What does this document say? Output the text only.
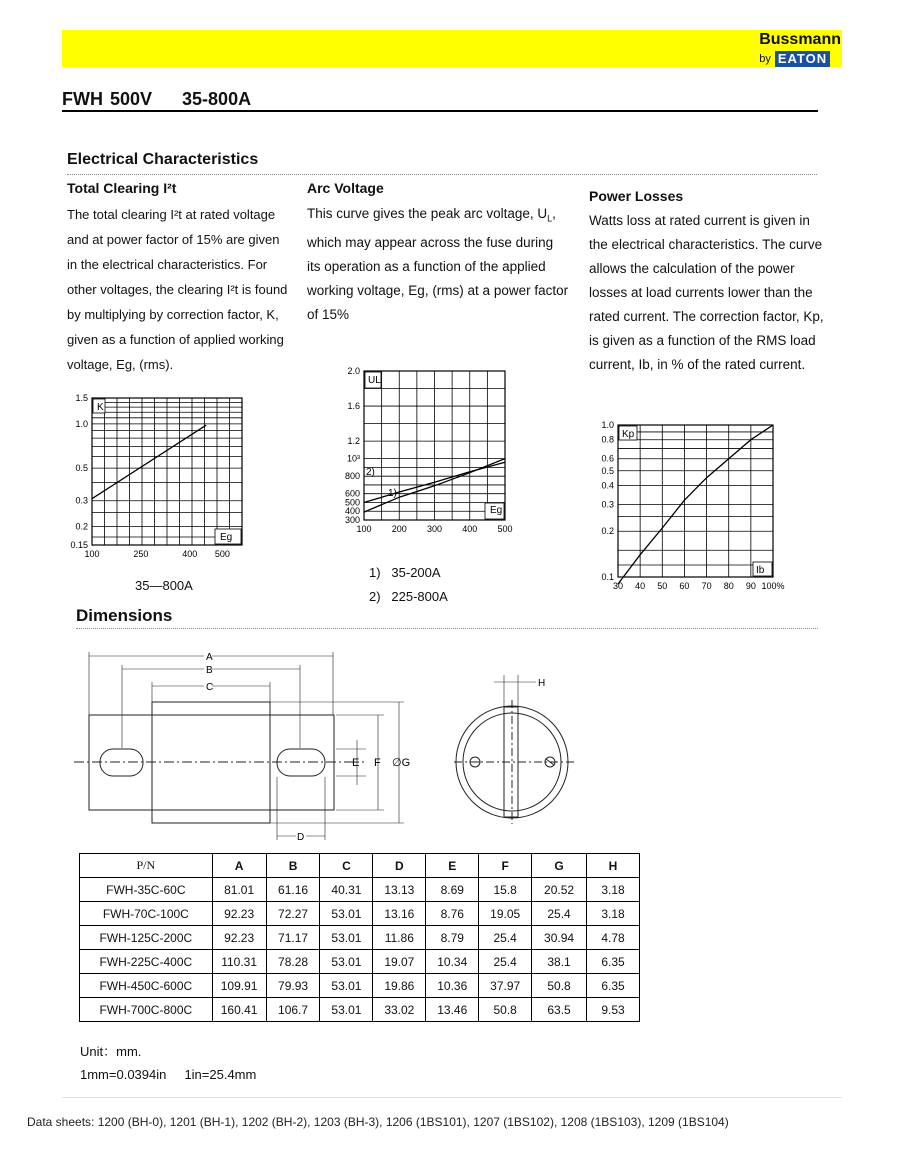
Bussmann
by EATON
FWH 500V 35-800A
Electrical Characteristics
Total Clearing I²t
The total clearing I²t at rated voltage and at power factor of 15% are given in the electrical characteristics. For other voltages, the clearing I²t is found by multiplying by correction factor, K, given as a function of applied working voltage, Eg, (rms).
1.5
1.0
0.5
0.3
0.2
0.15
100	250	400 500
K
Eg
35—800A
Arc Voltage
This curve gives the peak arc voltage, $U_L$, which may appear across the fuse during its operation as a function of the applied working voltage, Eg, (rms) at a power factor of 15%
2.0
1.6
1.2
10³
800
600
500
400
300
100 200 300 400 500
UL
Eg
1)
2)
1) 35-200A
2) 225-800A
Power Losses
Watts loss at rated current is given in the electrical characteristics. The curve allows the calculation of the power losses at load currents lower than the rated current. The correction factor, Kp, is given as a function of the RMS load current, Ib, in % of the rated current.
1.0
0.8
0.6
0.5
0.4
0.3
0.2
0.1
30 40 50 60 70 80 90 100%
Kp
Ib
Dimensions
A
B
C
D
E F ∅G
H
P/N	A	B	C	D	E	F	G	H
FWH-35C-60C	81.01	61.16	40.31	13.13	8.69	15.8	20.52	3.18
FWH-70C-100C	92.23	72.27	53.01	13.16	8.76	19.05	25.4	3.18
FWH-125C-200C	92.23	71.17	53.01	11.86	8.79	25.4	30.94	4.78
FWH-225C-400C	110.31	78.28	53.01	19.07	10.34	25.4	38.1	6.35
FWH-450C-600C	109.91	79.93	53.01	19.86	10.36	37.97	50.8	6.35
FWH-700C-800C	160.41	106.7	53.01	33.02	13.46	50.8	63.5	9.53
Unit：mm.
1mm=0.0394in 1in=25.4mm
Data sheets: 1200 (BH-0), 1201 (BH-1), 1202 (BH-2), 1203 (BH-3), 1206 (1BS101), 1207 (1BS102), 1208 (1BS103), 1209 (1BS104)
